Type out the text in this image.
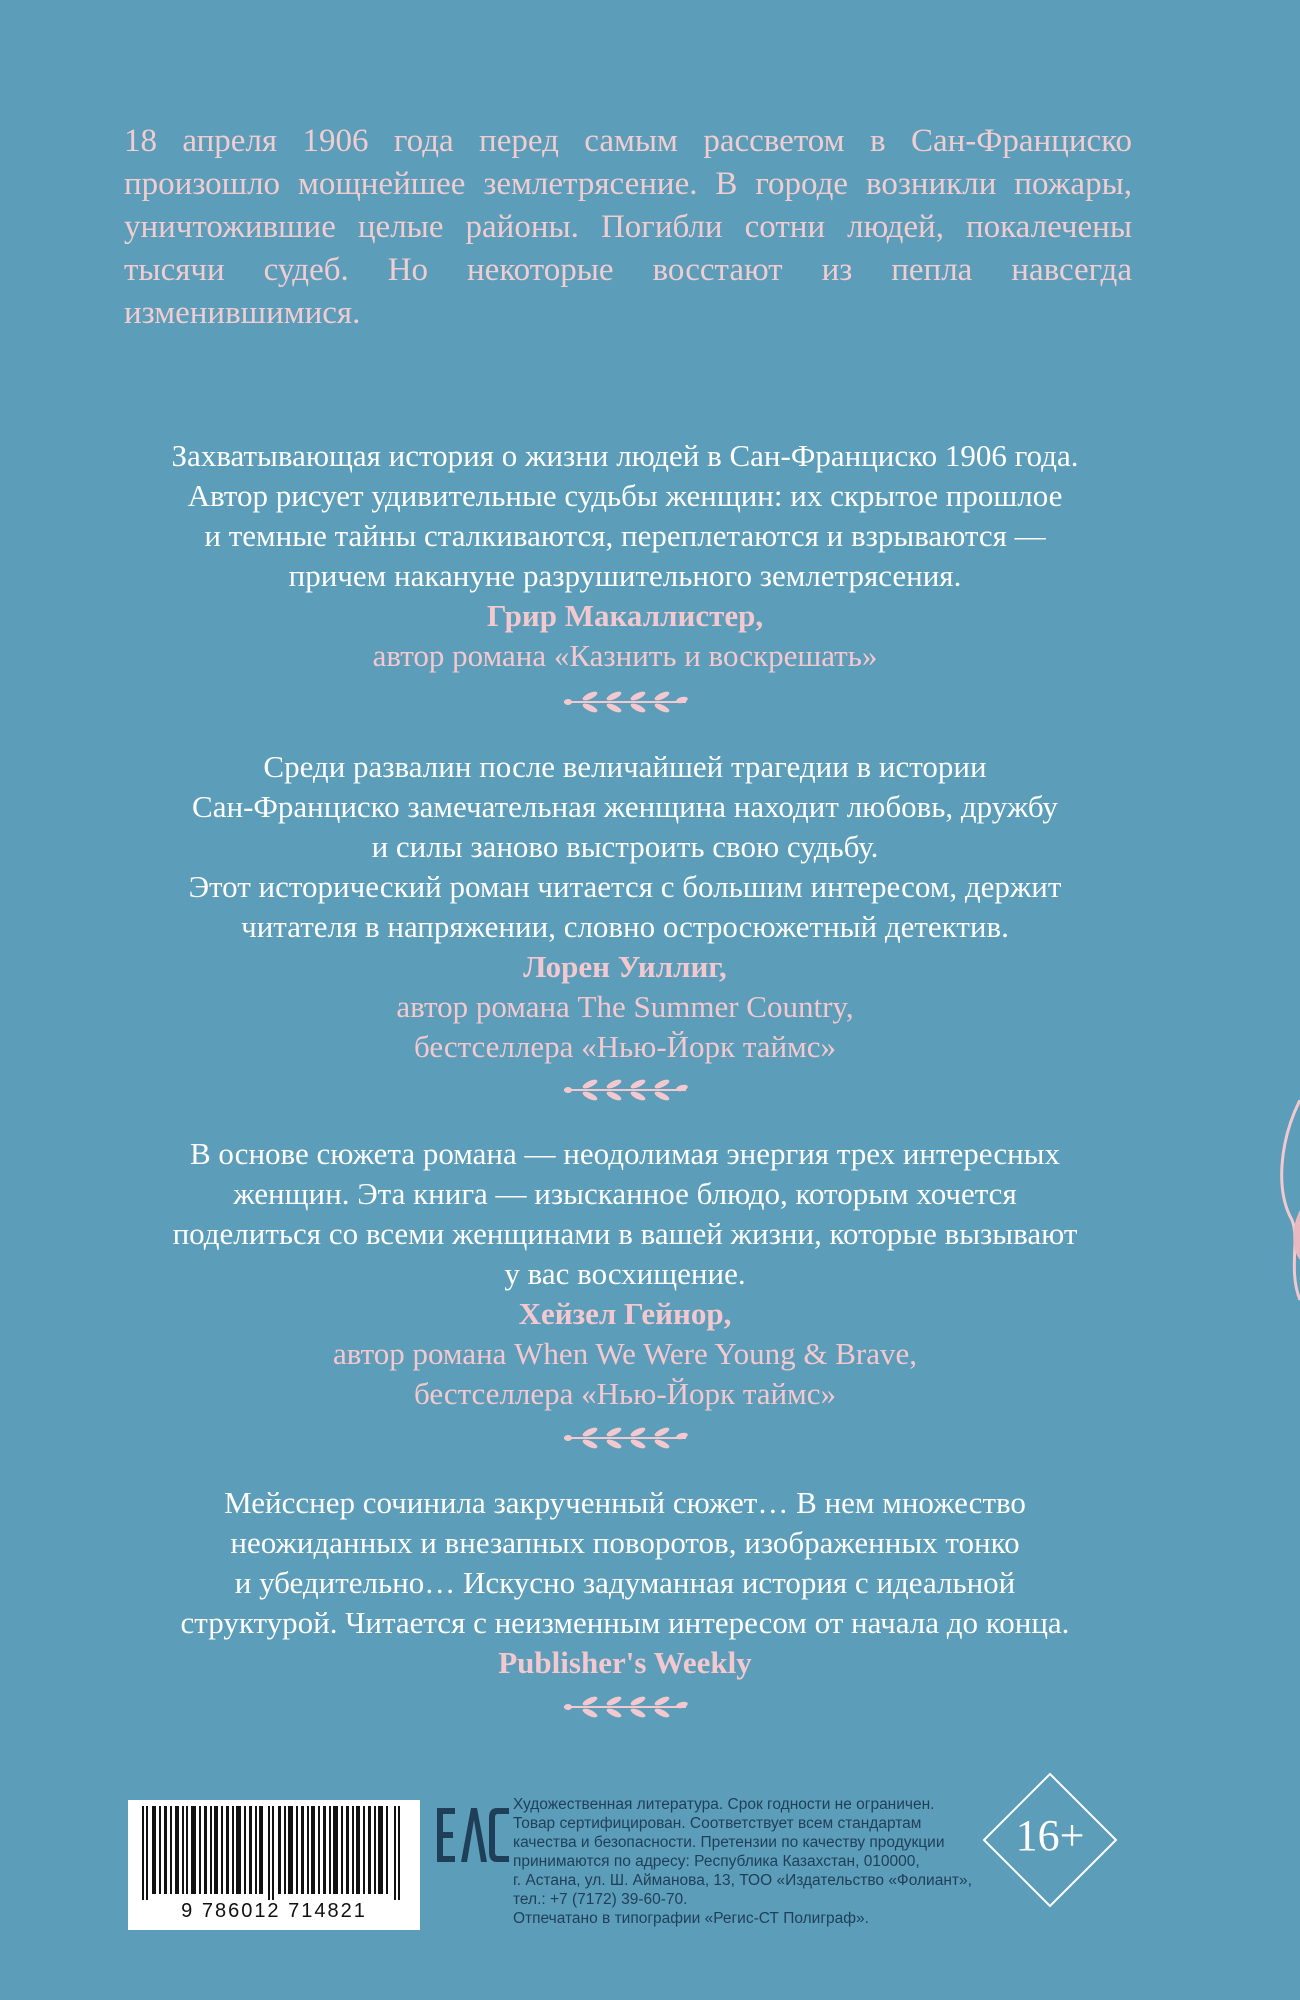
18 апреля 1906 года перед самым рассветом в Сан-Франциско произошло мощнейшее землетрясение. В городе возникли пожары, уничтожившие целые районы. Погибли сотни людей, покалечены тысячи судеб. Но некоторые восстают из пепла навсегда изменившимися.

Захватывающая история о жизни людей в Сан-Франциско 1906 года.
Автор рисует удивительные судьбы женщин: их скрытое прошлое
и темные тайны сталкиваются, переплетаются и взрываются —
причем накануне разрушительного землетрясения.
Грир Макаллистер,
автор романа «Казнить и воскрешать»
Среди развалин после величайшей трагедии в истории
Сан-Франциско замечательная женщина находит любовь, дружбу
и силы заново выстроить свою судьбу.
Этот исторический роман читается с большим интересом, держит
читателя в напряжении, словно остросюжетный детектив.
Лорен Уиллиг,
автор романа The Summer Country,
бестселлера «Нью-Йорк таймс»
В основе сюжета романа — неодолимая энергия трех интересных
женщин. Эта книга — изысканное блюдо, которым хочется
поделиться со всеми женщинами в вашей жизни, которые вызывают
у вас восхищение.
Хейзел Гейнор,
автор романа When We Were Young & Brave,
бестселлера «Нью-Йорк таймс»
Мейсснер сочинила закрученный сюжет… В нем множество
неожиданных и внезапных поворотов, изображенных тонко
и убедительно… Искусно задуманная история с идеальной
структурой. Читается с неизменным интересом от начала до конца.
Publisher's Weekly
9 786012 714821
Художественная литература. Срок годности не ограничен.
Товар сертифицирован. Соответствует всем стандартам
качества и безопасности. Претензии по качеству продукции
принимаются по адресу: Республика Казахстан, 010000,
г. Астана, ул. Ш. Айманова, 13, ТОО «Издательство «Фолиант»,
тел.: +7 (7172) 39-60-70.
Отпечатано в типографии «Регис-СТ Полиграф».
16+
